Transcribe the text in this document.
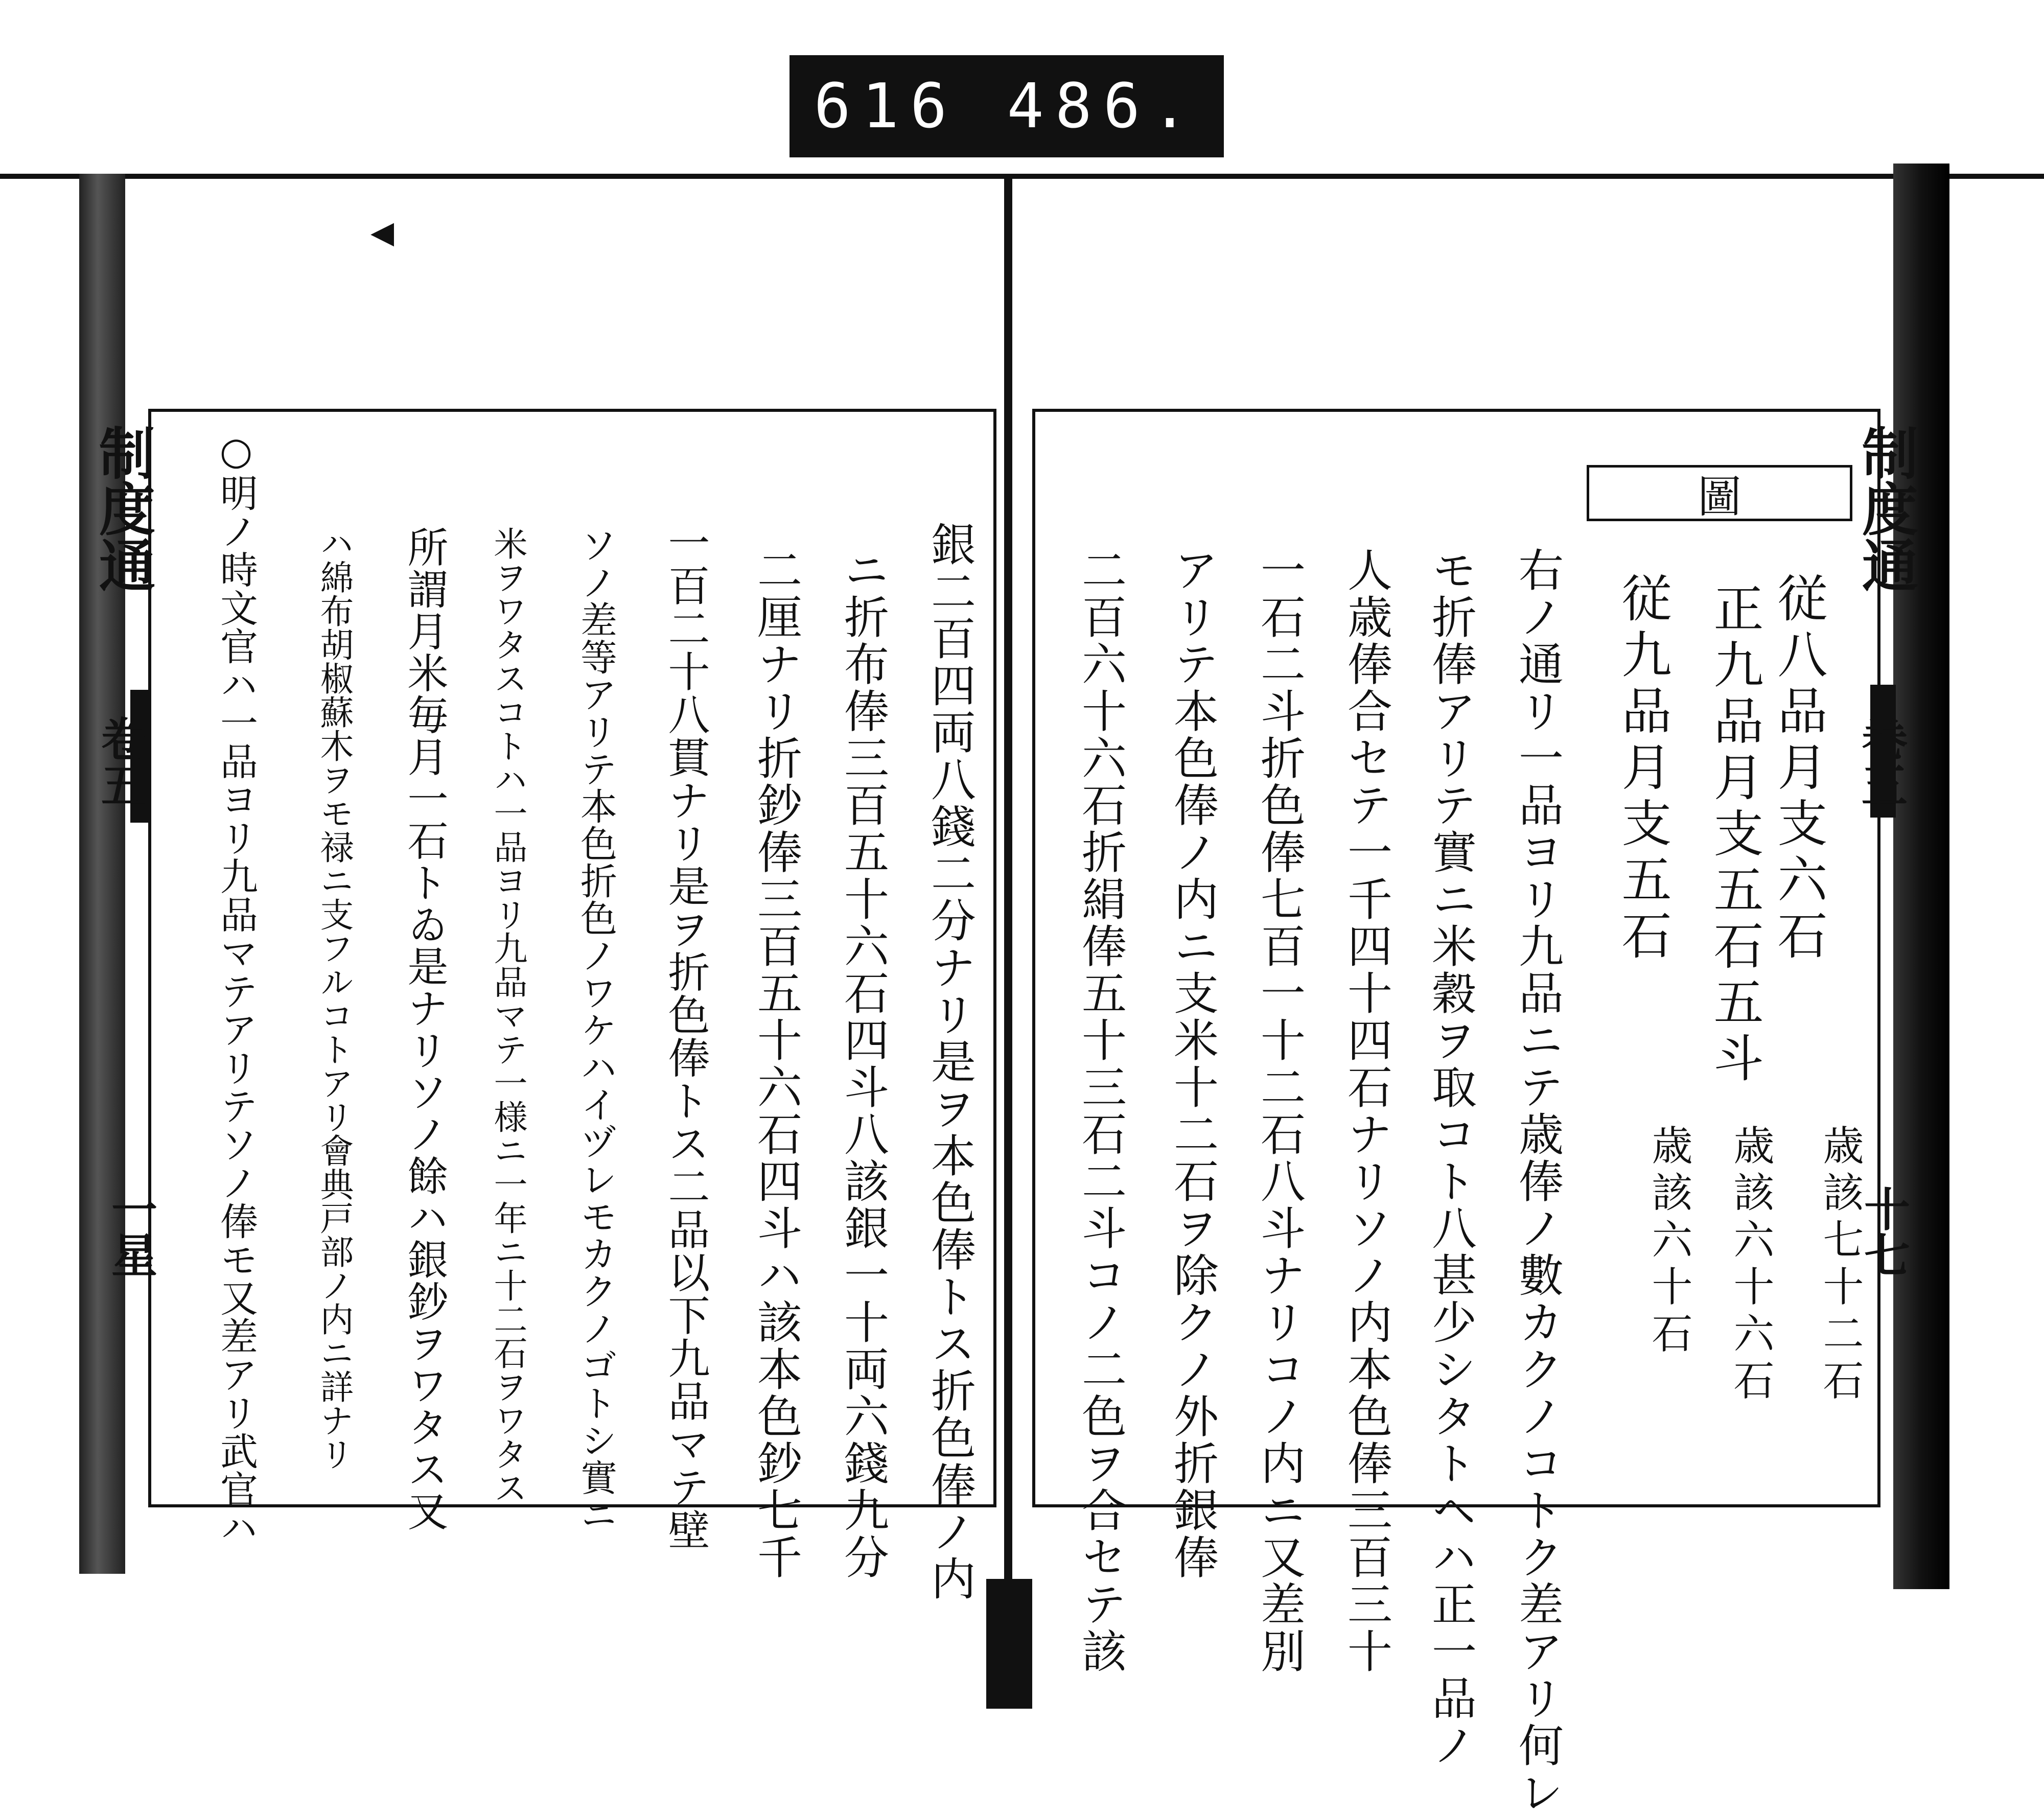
616 486.
◀
制度通
卷五
一星
制度通
卷五
十七
圖
従八品月支六石
正九品月支五石五斗
従九品月支五石
歳該七十二石
歳該六十六石
歳該六十石
右ノ通リ一品ヨリ九品ニテ歳俸ノ數カクノコトク差アリ何レ
モ折俸アリテ實ニ米穀ヲ取コト八甚少シタトヘハ正一品ノ
人歳俸合セテ一千四十四石ナリソノ内本色俸三百三十
一石二斗折色俸七百一十二石八斗ナリコノ内ニ又差別
アリテ本色俸ノ内ニ支米十二石ヲ除クノ外折銀俸
二百六十六石折絹俸五十三石二斗コノ二色ヲ合セテ該
銀二百四両八錢二分ナリ是ヲ本色俸トス折色俸ノ内
ニ折布俸三百五十六石四斗八該銀一十両六錢九分
二厘ナリ折鈔俸三百五十六石四斗ハ該本色鈔七千
一百二十八貫ナリ是ヲ折色俸トス二品以下九品マテ壁
ソノ差等アリテ本色折色ノワケハイヅレモカクノゴトシ實ニ
米ヲワタスコトハ一品ヨリ九品マテ一様ニ一年ニ十二石ヲワタス
所謂月米毎月一石トゐ是ナリソノ餘ハ銀鈔ヲワタス又
ハ綿布胡椒蘇木ヲモ禄ニ支フルコトアリ會典戸部ノ内ニ詳ナリ
○明ノ時文官ハ一品ヨリ九品マテアリテソノ俸モ又差アリ武官ハ
